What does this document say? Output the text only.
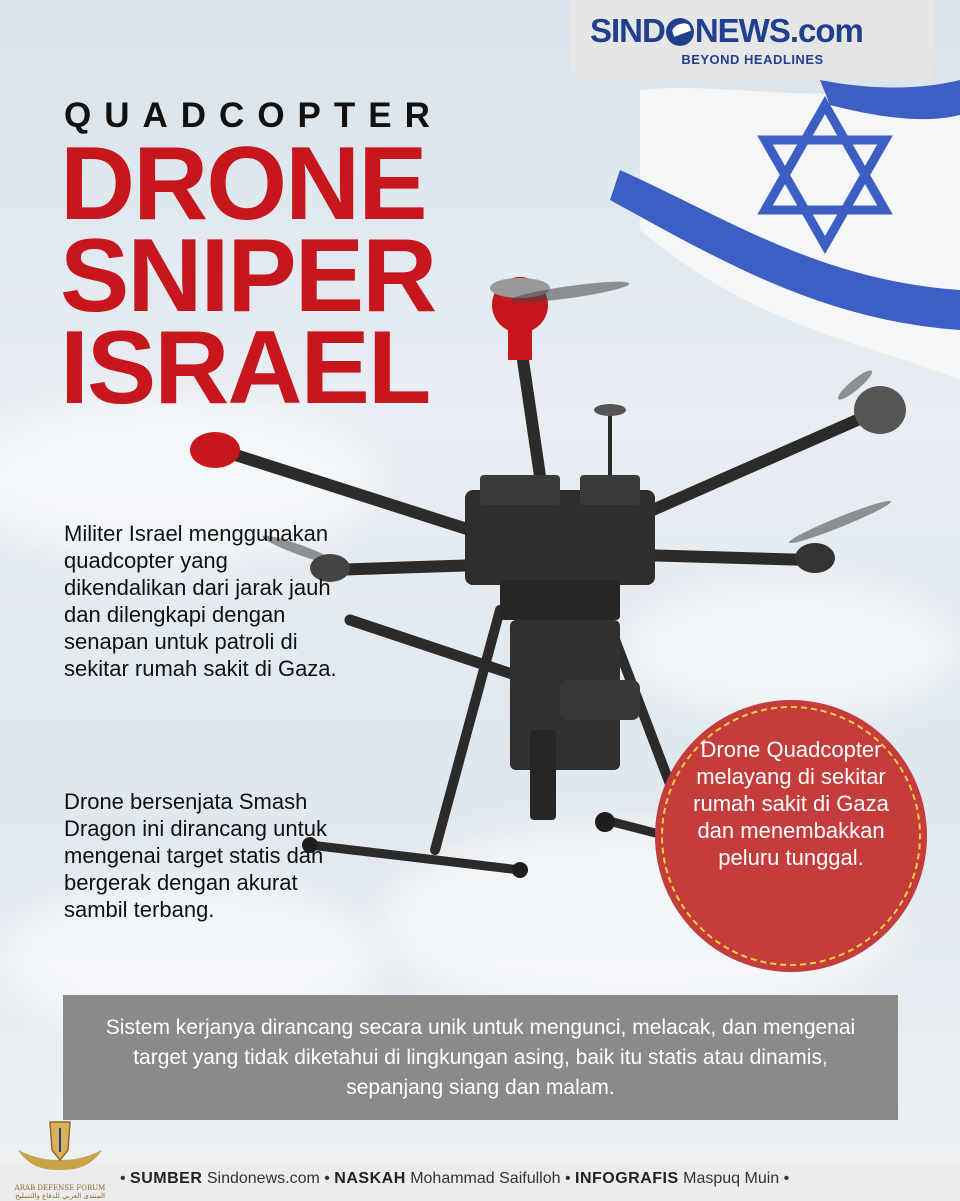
SIND NEWS.com
BEYOND HEADLINES
QUADCOPTER
DRONE
SNIPER
ISRAEL
Militer Israel menggunakan quadcopter yang dikendalikan dari jarak jauh dan dilengkapi dengan senapan untuk patroli di sekitar rumah sakit di Gaza.
Drone bersenjata Smash Dragon ini dirancang untuk mengenai target statis dan bergerak dengan akurat sambil terbang.
Drone Quadcopter melayang di sekitar rumah sakit di Gaza dan menembakkan peluru tunggal.
Sistem kerjanya dirancang secara unik untuk mengunci, melacak, dan mengenai target yang tidak diketahui di lingkungan asing, baik itu statis atau dinamis, sepanjang siang dan malam.
• SUMBER Sindonews.com • NASKAH Mohammad Saifulloh • INFOGRAFIS Maspuq Muin •
ARAB DEFENSE FORUM
المنتدى العربي للدفاع والتسليح
